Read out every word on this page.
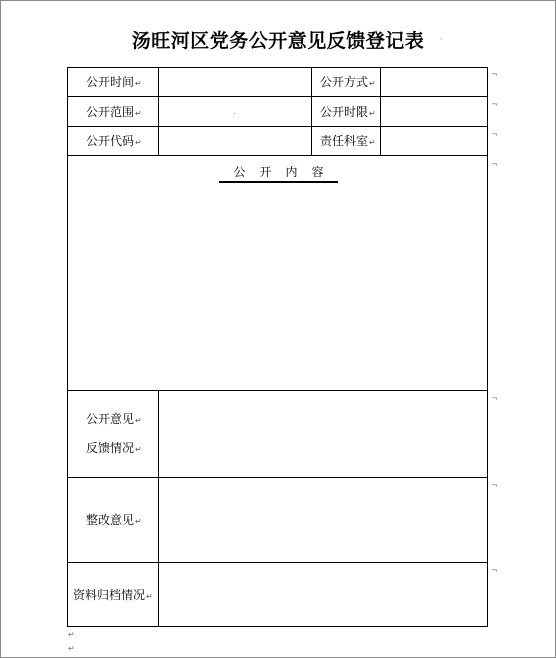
汤旺河区党务公开意见反馈登记表	·
公开时间↵	公开方式↵
公开范围↵	公开时限↵
公开代码↵	责任科室↵
公开内容
公开意见↵
反馈情况↵
整改意见↵
资料归档情况↵
¬
¬
¬
¬
¬
¬
¬
↵
↵
